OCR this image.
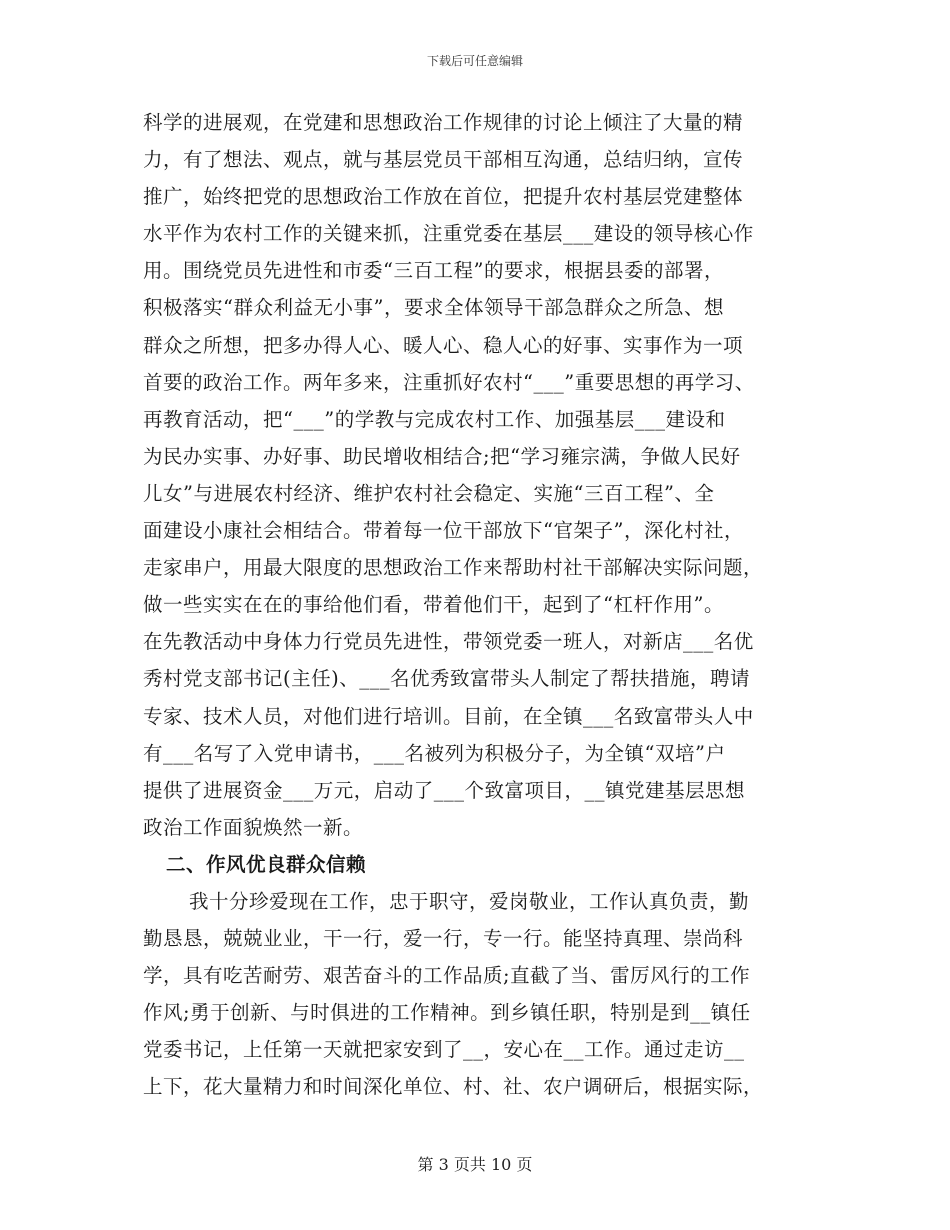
下载后可任意编辑
科学的进展观，在党建和思想政治工作规律的讨论上倾注了大量的精
力，有了想法、观点，就与基层党员干部相互沟通，总结归纳，宣传
推广，始终把党的思想政治工作放在首位，把提升农村基层党建整体
水平作为农村工作的关键来抓，注重党委在基层___建设的领导核心作
用。围绕党员先进性和市委“三百工程”的要求，根据县委的部署，
积极落实“群众利益无小事”，要求全体领导干部急群众之所急、想
群众之所想，把多办得人心、暖人心、稳人心的好事、实事作为一项
首要的政治工作。两年多来，注重抓好农村“___”重要思想的再学习、
再教育活动，把“___”的学教与完成农村工作、加强基层___建设和
为民办实事、办好事、助民增收相结合;把“学习雍宗满，争做人民好
儿女”与进展农村经济、维护农村社会稳定、实施“三百工程”、全
面建设小康社会相结合。带着每一位干部放下“官架子”，深化村社，
走家串户，用最大限度的思想政治工作来帮助村社干部解决实际问题，
做一些实实在在的事给他们看，带着他们干，起到了“杠杆作用”。
在先教活动中身体力行党员先进性，带领党委一班人，对新店___名优
秀村党支部书记(主任)、___名优秀致富带头人制定了帮扶措施，聘请
专家、技术人员，对他们进行培训。目前，在全镇___名致富带头人中
有___名写了入党申请书，___名被列为积极分子，为全镇“双培”户
提供了进展资金___万元，启动了___个致富项目，__镇党建基层思想
政治工作面貌焕然一新。
二、作风优良群众信赖
我十分珍爱现在工作，忠于职守，爱岗敬业，工作认真负责，勤
勤恳恳，兢兢业业，干一行，爱一行，专一行。能坚持真理、崇尚科
学，具有吃苦耐劳、艰苦奋斗的工作品质;直截了当、雷厉风行的工作
作风;勇于创新、与时俱进的工作精神。到乡镇任职，特别是到__镇任
党委书记，上任第一天就把家安到了__，安心在__工作。通过走访__
上下，花大量精力和时间深化单位、村、社、农户调研后，根据实际，
第 3 页共 10 页
